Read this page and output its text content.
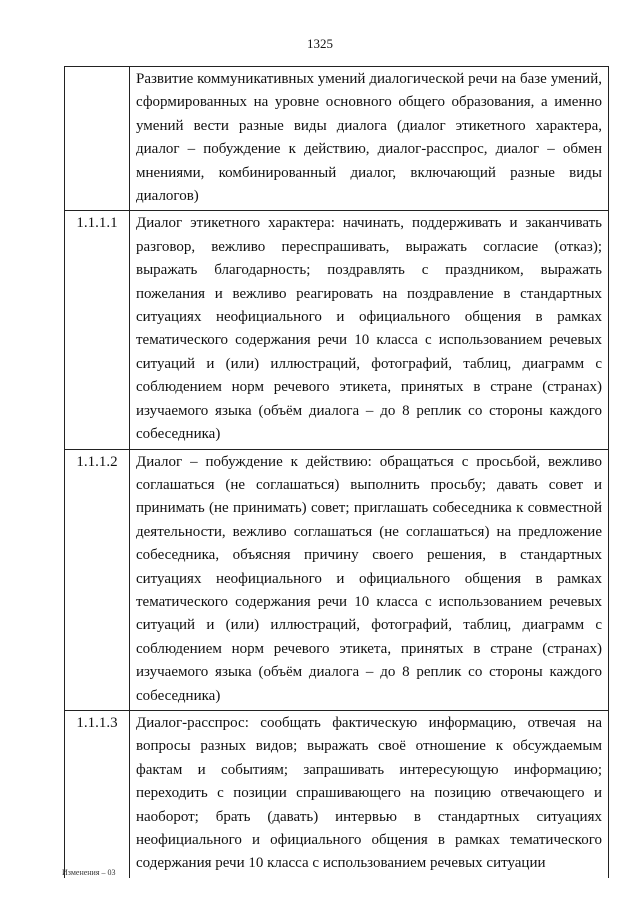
1325
	Развитие коммуникативных умений диалогической речи на базе умений, сформированных на уровне основного общего образования, а именно умений вести разные виды диалога (диалог этикетного характера, диалог – побуждение к действию, диалог-расспрос, диалог – обмен мнениями, комбинированный диалог, включающий разные виды диалогов)
1.1.1.1	Диалог этикетного характера: начинать, поддерживать и заканчивать разговор, вежливо переспрашивать, выражать согласие (отказ); выражать благодарность; поздравлять с праздником, выражать пожелания и вежливо реагировать на поздравление в стандартных ситуациях неофициального и официального общения в рамках тематического содержания речи 10 класса с использованием речевых ситуаций и (или) иллюстраций, фотографий, таблиц, диаграмм с соблюдением норм речевого этикета, принятых в стране (странах) изучаемого языка (объём диалога – до 8 реплик со стороны каждого собеседника)
1.1.1.2	Диалог – побуждение к действию: обращаться с просьбой, вежливо соглашаться (не соглашаться) выполнить просьбу; давать совет и принимать (не принимать) совет; приглашать собеседника к совместной деятельности, вежливо соглашаться (не соглашаться) на предложение собеседника, объясняя причину своего решения, в стандартных ситуациях неофициального и официального общения в рамках тематического содержания речи 10 класса с использованием речевых ситуаций и (или) иллюстраций, фотографий, таблиц, диаграмм с соблюдением норм речевого этикета, принятых в стране (странах) изучаемого языка (объём диалога – до 8 реплик со стороны каждого собеседника)
1.1.1.3	Диалог-расспрос: сообщать фактическую информацию, отвечая на вопросы разных видов; выражать своё отношение к обсуждаемым фактам и событиям; запрашивать интересующую информацию; переходить с позиции спрашивающего на позицию отвечающего и наоборот; брать (давать) интервью в стандартных ситуациях неофициального и официального общения в рамках тематического содержания речи 10 класса с использованием речевых ситуации
Изменения – 03
